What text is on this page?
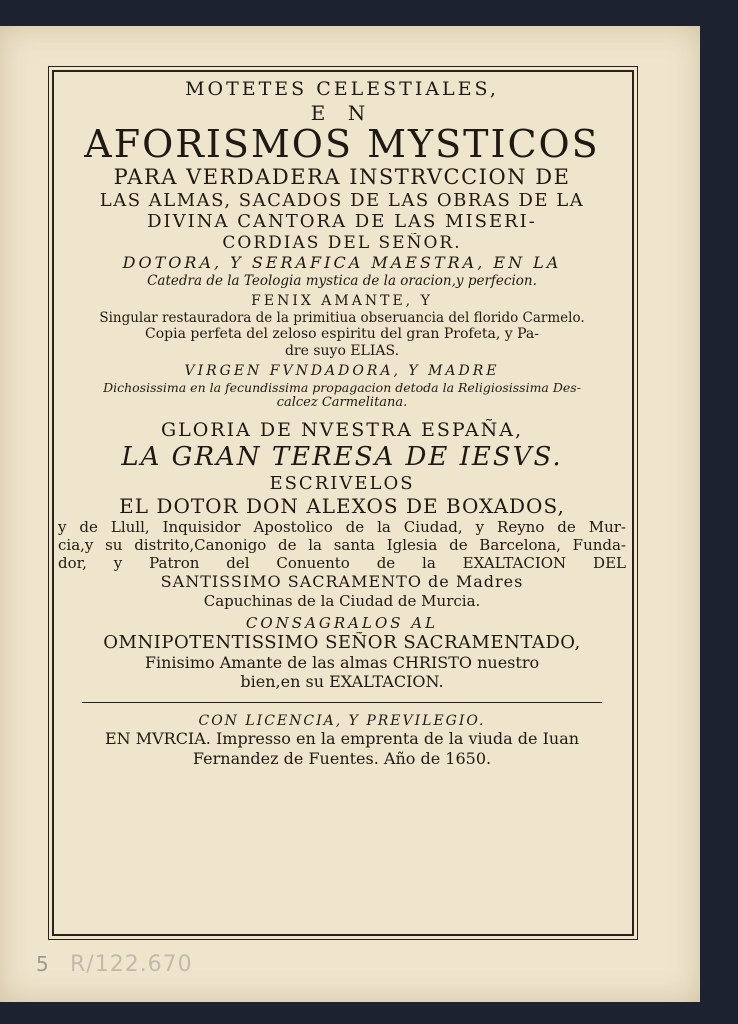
MOTETES CELESTIALES,
E N
AFORISMOS MYSTICOS
PARA VERDADERA INSTRVCCION DE
LAS ALMAS, SACADOS DE LAS OBRAS DE LA
DIVINA CANTORA DE LAS MISERI-
CORDIAS DEL SEÑOR.
DOTORA, Y SERAFICA MAESTRA, EN LA
Catedra de la Teologia mystica de la oracion,y perfecion.
FENIX AMANTE, Y
Singular restauradora de la primitiua obseruancia del florido Carmelo.
Copia perfeta del zeloso espiritu del gran Profeta, y Pa-
dre suyo ELIAS.
VIRGEN FVNDADORA, Y MADRE
Dichosissima en la fecundissima propagacion detoda la Religiosissima Des-
calcez Carmelitana.
GLORIA DE NVESTRA ESPAÑA,
LA GRAN TERESA DE IESVS.
ESCRIVELOS
EL DOTOR DON ALEXOS DE BOXADOS,
y de Llull, Inquisidor Apostolico de la Ciudad, y Reyno de Mur-
cia,y su distrito,Canonigo de la santa Iglesia de Barcelona, Funda-
dor, y Patron del Conuento de la EXALTACION DEL
SANTISSIMO SACRAMENTO de Madres
Capuchinas de la Ciudad de Murcia.
CONSAGRALOS AL
OMNIPOTENTISSIMO SEÑOR SACRAMENTADO,
Finisimo Amante de las almas CHRISTO nuestro
bien,en su EXALTACION.
CON LICENCIA, Y PREVILEGIO.
EN MVRCIA. Impresso en la emprenta de la viuda de Iuan
Fernandez de Fuentes. Año de 1650.
5 R/122.670
